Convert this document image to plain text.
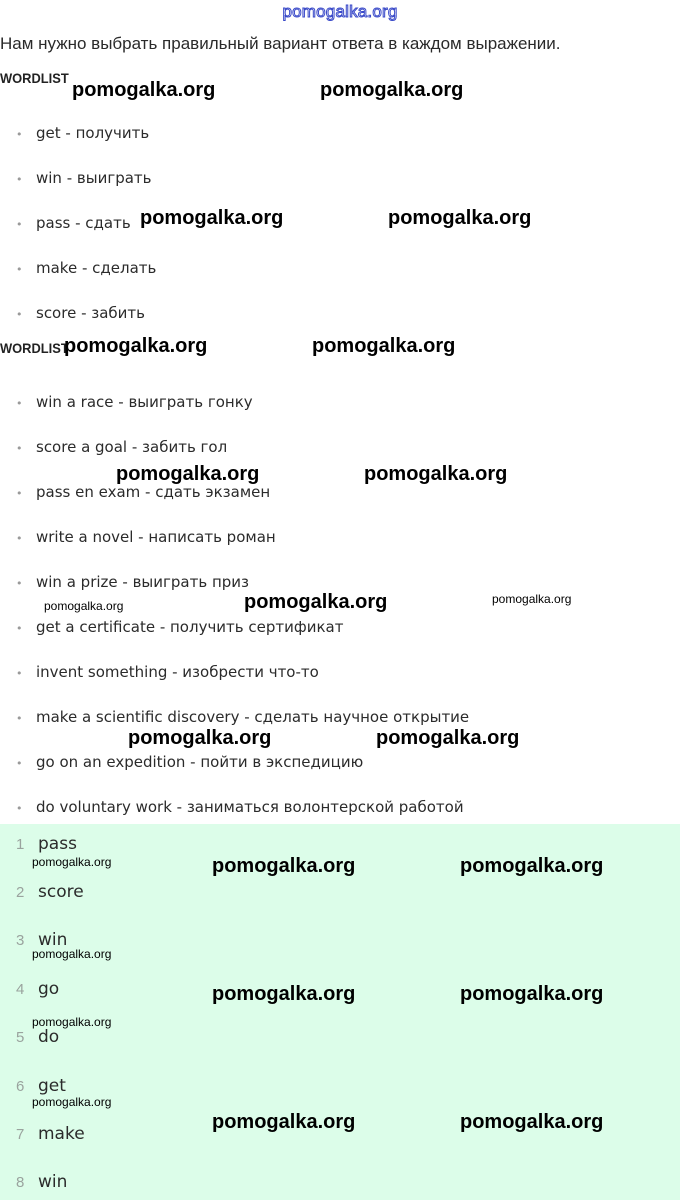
pomogalka.org

Нам нужно выбрать правильный вариант ответа в каждом выражении.

WORDLIST

• get - получить

• win - выиграть

• pass - сдать

• make - сделать

• score - забить

WORDLIST

• win a race - выиграть гонку

• score a goal - забить гол

• pass en exam - сдать экзамен

• write a novel - написать роман

• win a prize - выиграть приз

• get a certificate - получить сертификат

• invent something - изобрести что-то

• make a scientific discovery - сделать научное открытие

• go on an expedition - пойти в экспедицию

• do voluntary work - заниматься волонтерской работой

1 pass
2 score
3 win
4 go
5 do
6 get
7 make
8 win
pomogalka.org	pomogalka.org
pomogalka.org	pomogalka.org
pomogalka.org	pomogalka.org
pomogalka.org	pomogalka.org
pomogalka.org	pomogalka.org	pomogalka.org
pomogalka.org	pomogalka.org
pomogalka.org	pomogalka.org	pomogalka.org
pomogalka.org
pomogalka.org	pomogalka.org
pomogalka.org
pomogalka.org
pomogalka.org	pomogalka.org
